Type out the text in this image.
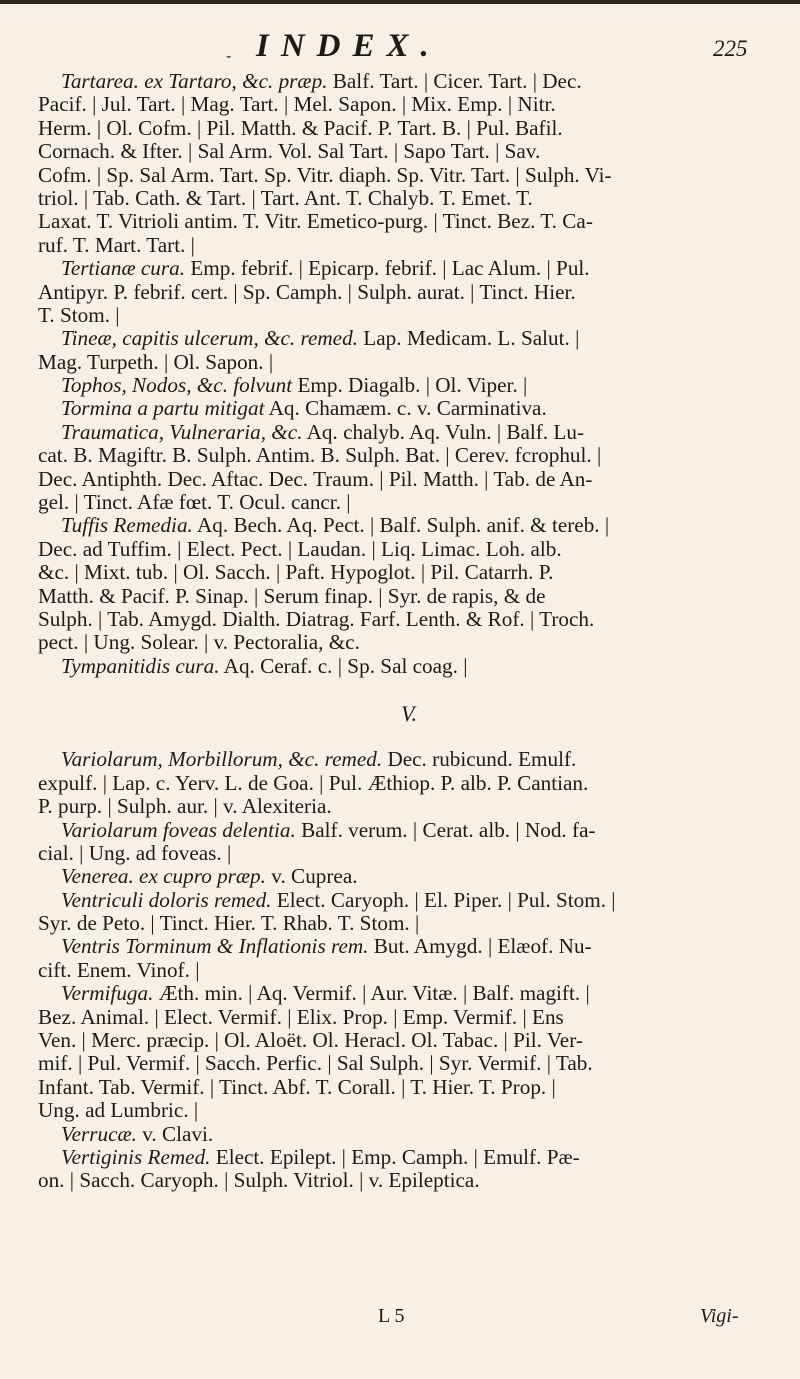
- INDEX.	225
Tartarea. ex Tartaro, &c. præp. Balf. Tart. | Cicer. Tart. | Dec.
Pacif. | Jul. Tart. | Mag. Tart. | Mel. Sapon. | Mix. Emp. | Nitr.
Herm. | Ol. Cofm. | Pil. Matth. & Pacif. P. Tart. B. | Pul. Bafil.
Cornach. & Ifter. | Sal Arm. Vol. Sal Tart. | Sapo Tart. | Sav.
Cofm. | Sp. Sal Arm. Tart. Sp. Vitr. diaph. Sp. Vitr. Tart. | Sulph. Vi-
triol. | Tab. Cath. & Tart. | Tart. Ant. T. Chalyb. T. Emet. T.
Laxat. T. Vitrioli antim. T. Vitr. Emetico-purg. | Tinct. Bez. T. Ca-
ruf. T. Mart. Tart. |
Tertianæ cura. Emp. febrif. | Epicarp. febrif. | Lac Alum. | Pul.
Antipyr. P. febrif. cert. | Sp. Camph. | Sulph. aurat. | Tinct. Hier.
T. Stom. |
Tineæ, capitis ulcerum, &c. remed. Lap. Medicam. L. Salut. |
Mag. Turpeth. | Ol. Sapon. |
Tophos, Nodos, &c. folvunt Emp. Diagalb. | Ol. Viper. |
Tormina a partu mitigat Aq. Chamæm. c. v. Carminativa.
Traumatica, Vulneraria, &c. Aq. chalyb. Aq. Vuln. | Balf. Lu-
cat. B. Magiftr. B. Sulph. Antim. B. Sulph. Bat. | Cerev. fcrophul. |
Dec. Antiphth. Dec. Aftac. Dec. Traum. | Pil. Matth. | Tab. de An-
gel. | Tinct. Afæ fœt. T. Ocul. cancr. |
Tuffis Remedia. Aq. Bech. Aq. Pect. | Balf. Sulph. anif. & tereb. |
Dec. ad Tuffim. | Elect. Pect. | Laudan. | Liq. Limac. Loh. alb.
&c. | Mixt. tub. | Ol. Sacch. | Paft. Hypoglot. | Pil. Catarrh. P.
Matth. & Pacif. P. Sinap. | Serum finap. | Syr. de rapis, & de
Sulph. | Tab. Amygd. Dialth. Diatrag. Farf. Lenth. & Rof. | Troch.
pect. | Ung. Solear. | v. Pectoralia, &c.
Tympanitidis cura. Aq. Ceraf. c. | Sp. Sal coag. |
V.
Variolarum, Morbillorum, &c. remed. Dec. rubicund. Emulf.
expulf. | Lap. c. Yerv. L. de Goa. | Pul. Æthiop. P. alb. P. Cantian.
P. purp. | Sulph. aur. | v. Alexiteria.
Variolarum foveas delentia. Balf. verum. | Cerat. alb. | Nod. fa-
cial. | Ung. ad foveas. |
Venerea. ex cupro præp. v. Cuprea.
Ventriculi doloris remed. Elect. Caryoph. | El. Piper. | Pul. Stom. |
Syr. de Peto. | Tinct. Hier. T. Rhab. T. Stom. |
Ventris Torminum & Inflationis rem. But. Amygd. | Elæof. Nu-
cift. Enem. Vinof. |
Vermifuga. Æth. min. | Aq. Vermif. | Aur. Vitæ. | Balf. magift. |
Bez. Animal. | Elect. Vermif. | Elix. Prop. | Emp. Vermif. | Ens
Ven. | Merc. præcip. | Ol. Aloët. Ol. Heracl. Ol. Tabac. | Pil. Ver-
mif. | Pul. Vermif. | Sacch. Perfic. | Sal Sulph. | Syr. Vermif. | Tab.
Infant. Tab. Vermif. | Tinct. Abf. T. Corall. | T. Hier. T. Prop. |
Ung. ad Lumbric. |
Verrucæ. v. Clavi.
Vertiginis Remed. Elect. Epilept. | Emp. Camph. | Emulf. Pæ-
on. | Sacch. Caryoph. | Sulph. Vitriol. | v. Epileptica.
L 5	Vigi-
